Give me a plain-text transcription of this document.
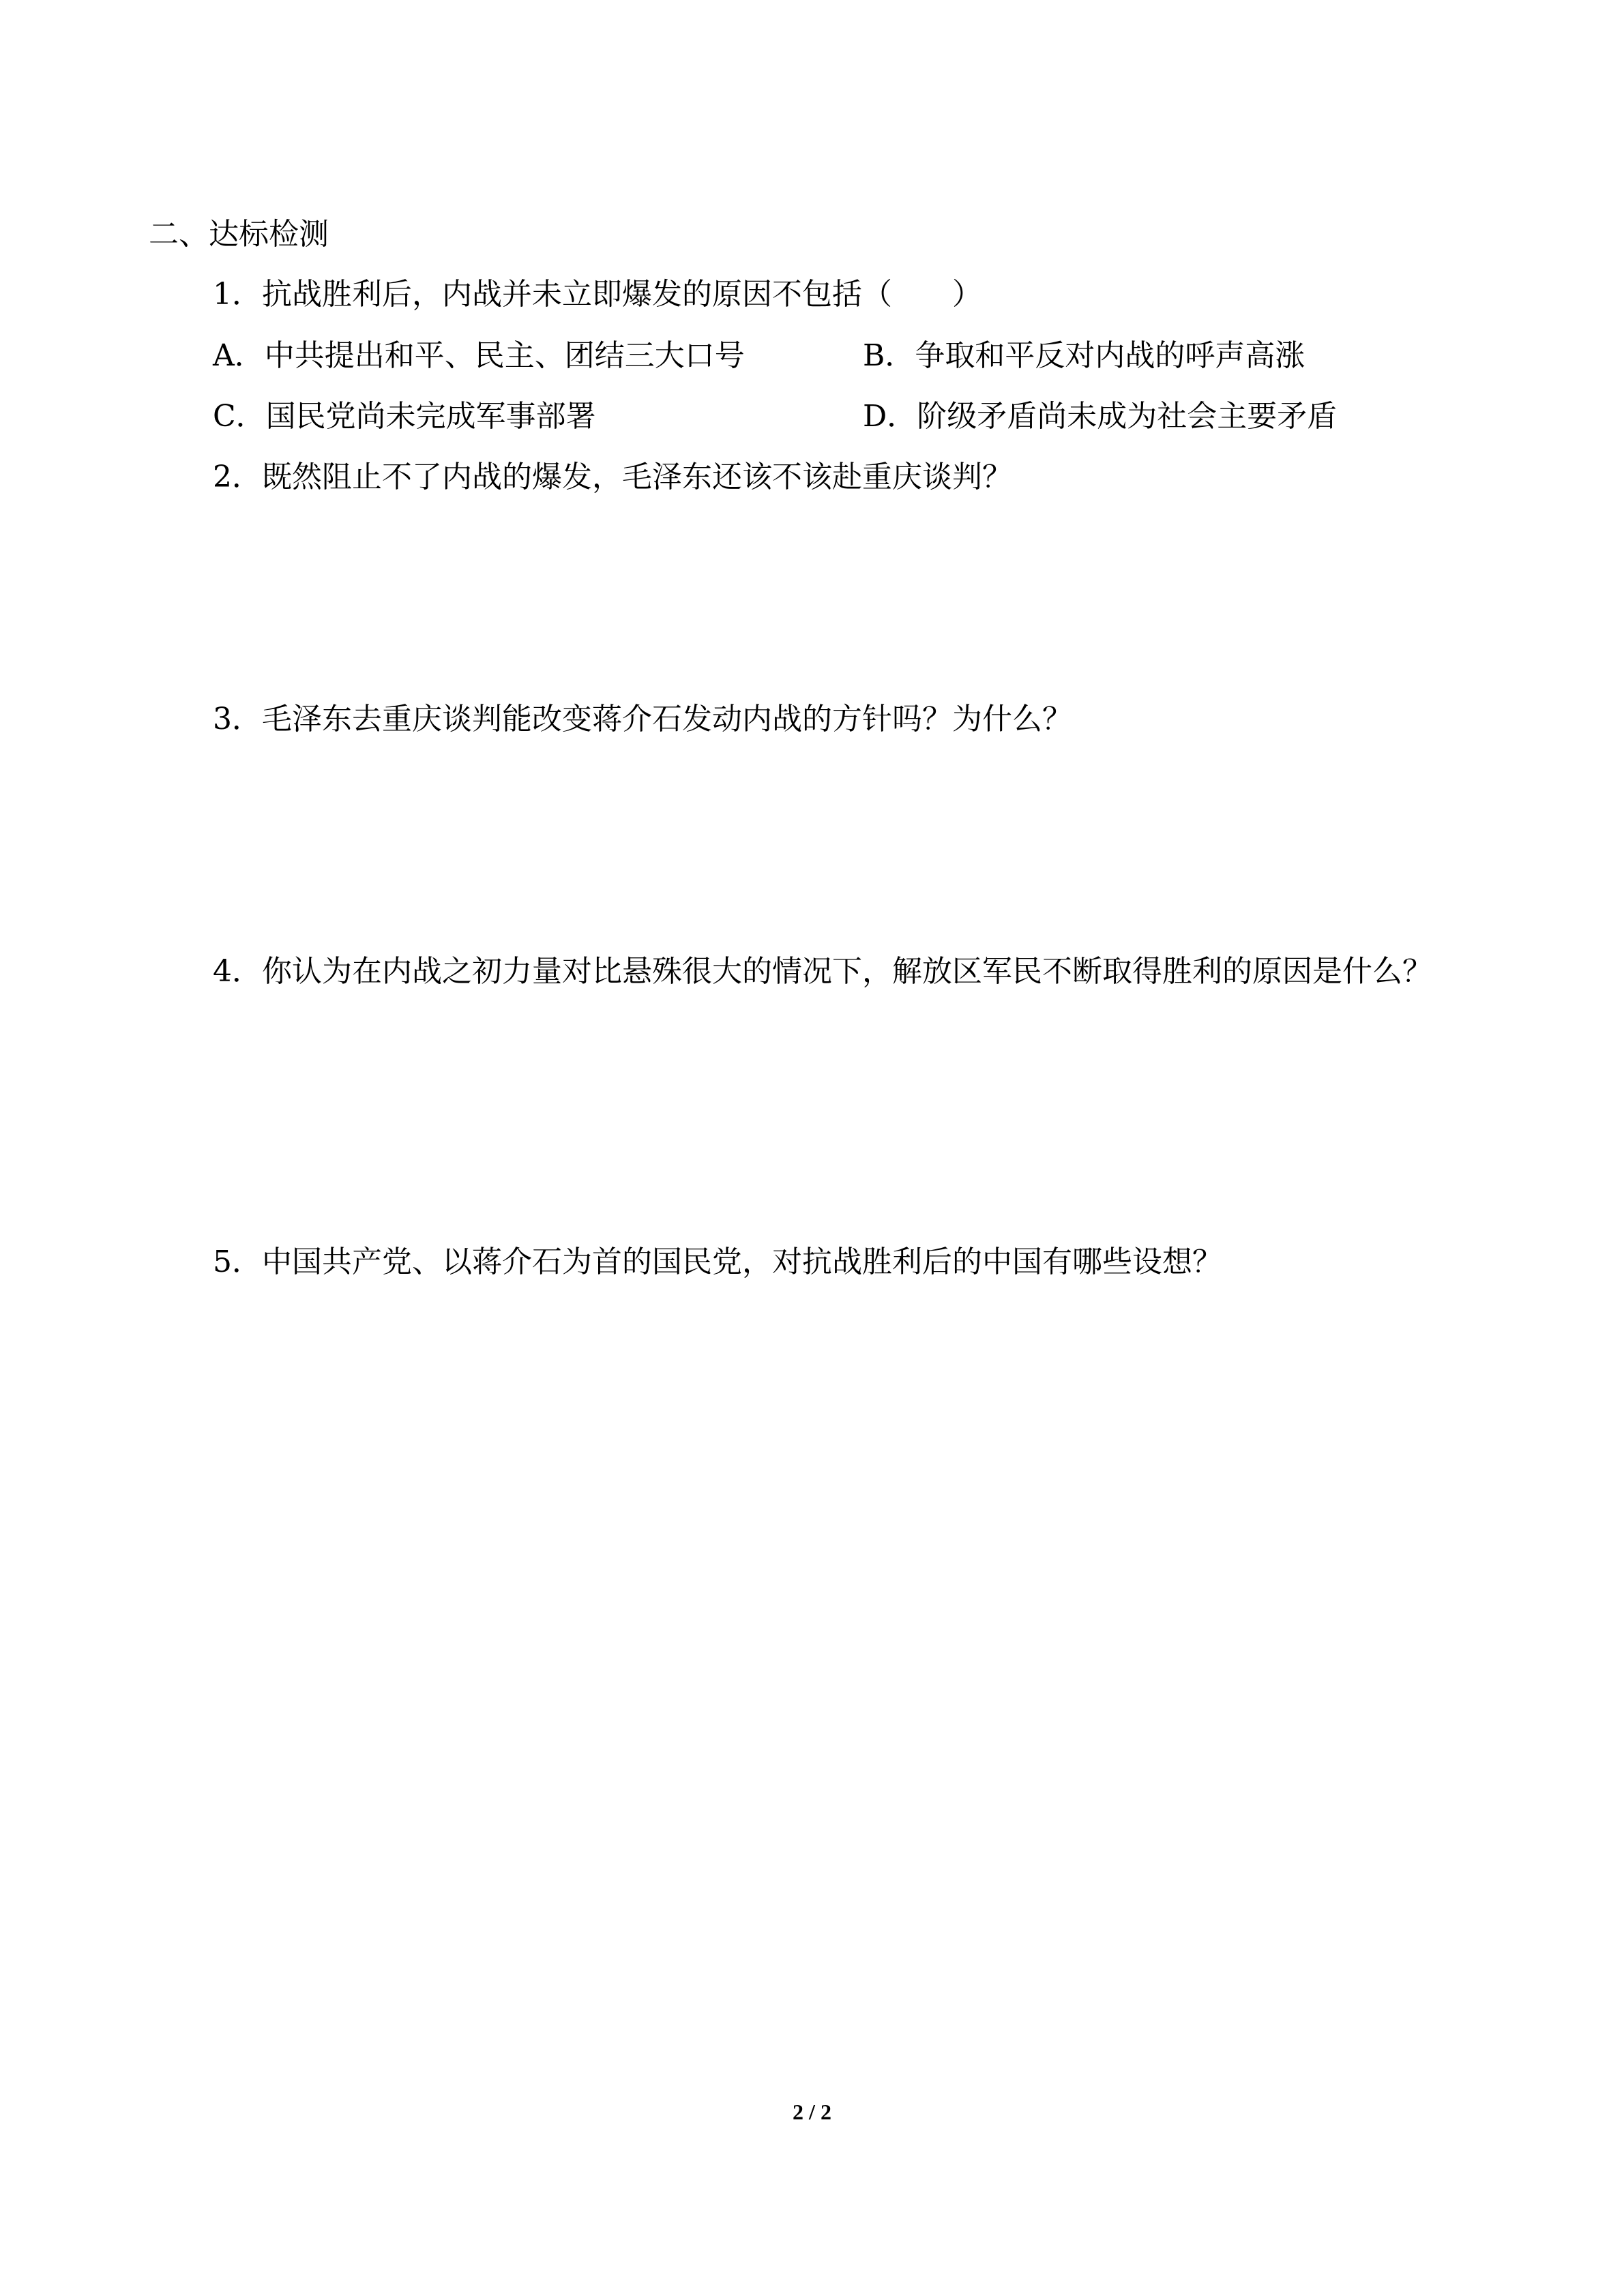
二、达标检测
1．抗战胜利后，内战并未立即爆发的原因不包括（　　）
A．中共提出和平、民主、团结三大口号	B．争取和平反对内战的呼声高涨
C．国民党尚未完成军事部署	D．阶级矛盾尚未成为社会主要矛盾
2．既然阻止不了内战的爆发，毛泽东还该不该赴重庆谈判？
3．毛泽东去重庆谈判能改变蒋介石发动内战的方针吗？为什么？
4．你认为在内战之初力量对比悬殊很大的情况下，解放区军民不断取得胜利的原因是什么？
5．中国共产党、以蒋介石为首的国民党，对抗战胜利后的中国有哪些设想？
2 / 2
